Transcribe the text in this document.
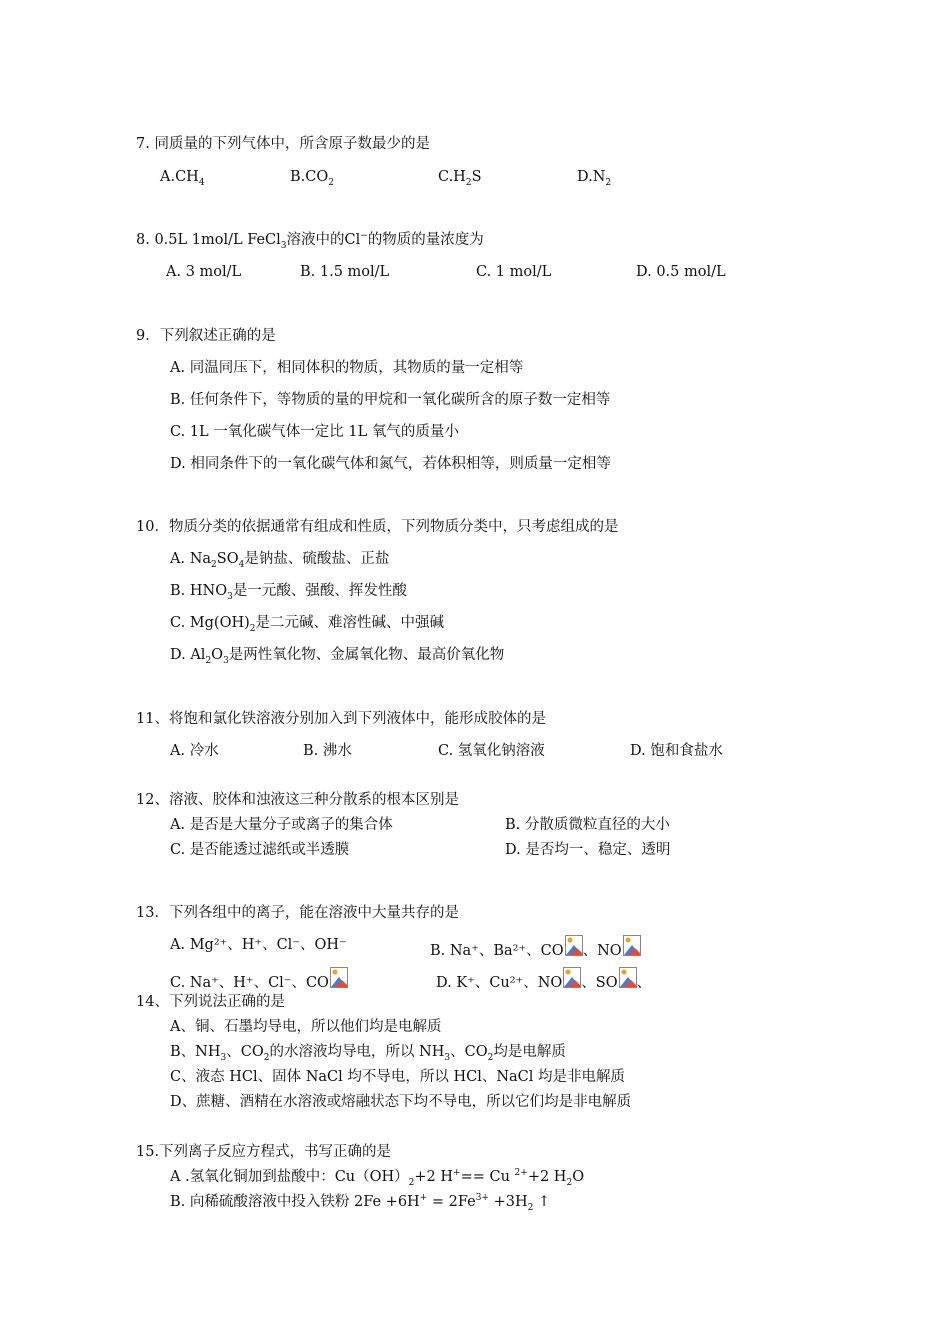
7. 同质量的下列气体中，所含原子数最少的是
$A.CH_4$	$B.CO_2$	$C.H_2S$	$D.N_2$
8. 0.5L 1mol/L FeCl$_3$溶液中的Cl−的物质的量浓度为
A. 3 mol/L	B. 1.5 mol/L	C. 1 mol/L	D. 0.5 mol/L
9．下列叙述正确的是
A. 同温同压下，相同体积的物质，其物质的量一定相等
B. 任何条件下，等物质的量的甲烷和一氧化碳所含的原子数一定相等
C. 1L 一氧化碳气体一定比 1L 氧气的质量小
D. 相同条件下的一氧化碳气体和氮气，若体积相等，则质量一定相等
10．物质分类的依据通常有组成和性质，下列物质分类中，只考虑组成的是
A. $Na_2SO_4$是钠盐、硫酸盐、正盐
B. $HNO_3$是一元酸、强酸、挥发性酸
C. $Mg(OH)_2$是二元碱、难溶性碱、中强碱
D. $Al_2O_3$是两性氧化物、金属氧化物、最高价氧化物
11、将饱和氯化铁溶液分别加入到下列液体中，能形成胶体的是
A. 冷水	B. 沸水	C. 氢氧化钠溶液	D. 饱和食盐水
12、溶液、胶体和浊液这三种分散系的根本区别是
A. 是否是大量分子或离子的集合体	B. 分散质微粒直径的大小
C. 是否能透过滤纸或半透膜	D. 是否均一、稳定、透明
13．下列各组中的离子，能在溶液中大量共存的是
A. Mg²⁺、H⁺、Cl⁻、OH⁻	B. Na⁺、Ba²⁺、CO 、NO
C. Na⁺、H⁺、Cl⁻、CO	D. K⁺、Cu²⁺、NO 、SO 、
14、下列说法正确的是
A、铜、石墨均导电，所以他们均是电解质
B、$NH_3$、$CO_2$的水溶液均导电，所以 $NH_3$、$CO_2$均是电解质
C、液态 HCl、固体 NaCl 均不导电，所以 HCl、NaCl 均是非电解质
D、蔗糖、酒精在水溶液或熔融状态下均不导电，所以它们均是非电解质
15.下列离子反应方程式，书写正确的是
A .氢氧化铜加到盐酸中：$Cu(OH)_2+2$ H+== Cu $^{2+}$+2 $H_2O$
B. 向稀硫酸溶液中投入铁粉 $2Fe +6H^+ = 2Fe^{3+} +3H_2$ ↑
